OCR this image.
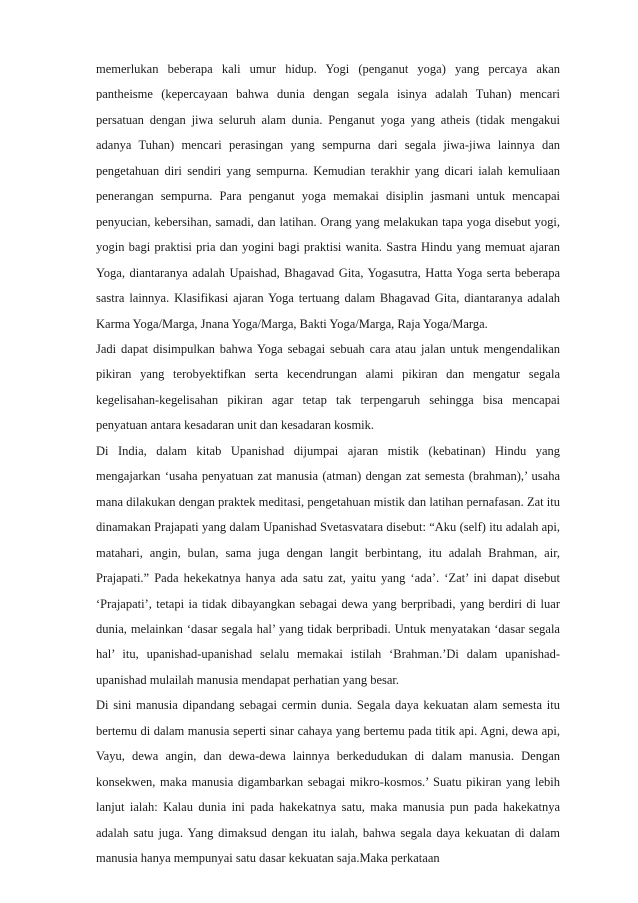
memerlukan beberapa kali umur hidup. Yogi (penganut yoga) yang percaya akan pantheisme (kepercayaan bahwa dunia dengan segala isinya adalah Tuhan) mencari persatuan dengan jiwa seluruh alam dunia. Penganut yoga yang atheis (tidak mengakui adanya Tuhan) mencari perasingan yang sempurna dari segala jiwa-jiwa lainnya dan pengetahuan diri sendiri yang sempurna. Kemudian terakhir yang dicari ialah kemuliaan penerangan sempurna. Para penganut yoga memakai disiplin jasmani untuk mencapai penyucian, kebersihan, samadi, dan latihan. Orang yang melakukan tapa yoga disebut yogi, yogin bagi praktisi pria dan yogini bagi praktisi wanita. Sastra Hindu yang memuat ajaran Yoga, diantaranya adalah Upaishad, Bhagavad Gita, Yogasutra, Hatta Yoga serta beberapa sastra lainnya. Klasifikasi ajaran Yoga tertuang dalam Bhagavad Gita, diantaranya adalah Karma Yoga/Marga, Jnana Yoga/Marga, Bakti Yoga/Marga, Raja Yoga/Marga.

Jadi dapat disimpulkan bahwa Yoga sebagai sebuah cara atau jalan untuk mengendalikan pikiran yang terobyektifkan serta kecendrungan alami pikiran dan mengatur segala kegelisahan-kegelisahan pikiran agar tetap tak terpengaruh sehingga bisa mencapai penyatuan antara kesadaran unit dan kesadaran kosmik.

Di India, dalam kitab Upanishad dijumpai ajaran mistik (kebatinan) Hindu yang mengajarkan ‘usaha penyatuan zat manusia (atman) dengan zat semesta (brahman),’ usaha mana dilakukan dengan praktek meditasi, pengetahuan mistik dan latihan pernafasan. Zat itu dinamakan Prajapati yang dalam Upanishad Svetasvatara disebut: “Aku (self) itu adalah api, matahari, angin, bulan, sama juga dengan langit berbintang, itu adalah Brahman, air, Prajapati.” Pada hekekatnya hanya ada satu zat, yaitu yang ‘ada’. ‘Zat’ ini dapat disebut ‘Prajapati’, tetapi ia tidak dibayangkan sebagai dewa yang berpribadi, yang berdiri di luar dunia, melainkan ‘dasar segala hal’ yang tidak berpribadi. Untuk menyatakan ‘dasar segala hal’ itu, upanishad-upanishad selalu memakai istilah ‘Brahman.’Di dalam upanishad-upanishad mulailah manusia mendapat perhatian yang besar.

Di sini manusia dipandang sebagai cermin dunia. Segala daya kekuatan alam semesta itu bertemu di dalam manusia seperti sinar cahaya yang bertemu pada titik api. Agni, dewa api, Vayu, dewa angin, dan dewa-dewa lainnya berkedudukan di dalam manusia. Dengan konsekwen, maka manusia digambarkan sebagai mikro-kosmos.’ Suatu pikiran yang lebih lanjut ialah: Kalau dunia ini pada hakekatnya satu, maka manusia pun pada hakekatnya adalah satu juga. Yang dimaksud dengan itu ialah, bahwa segala daya kekuatan di dalam manusia hanya mempunyai satu dasar kekuatan saja.Maka perkataan
